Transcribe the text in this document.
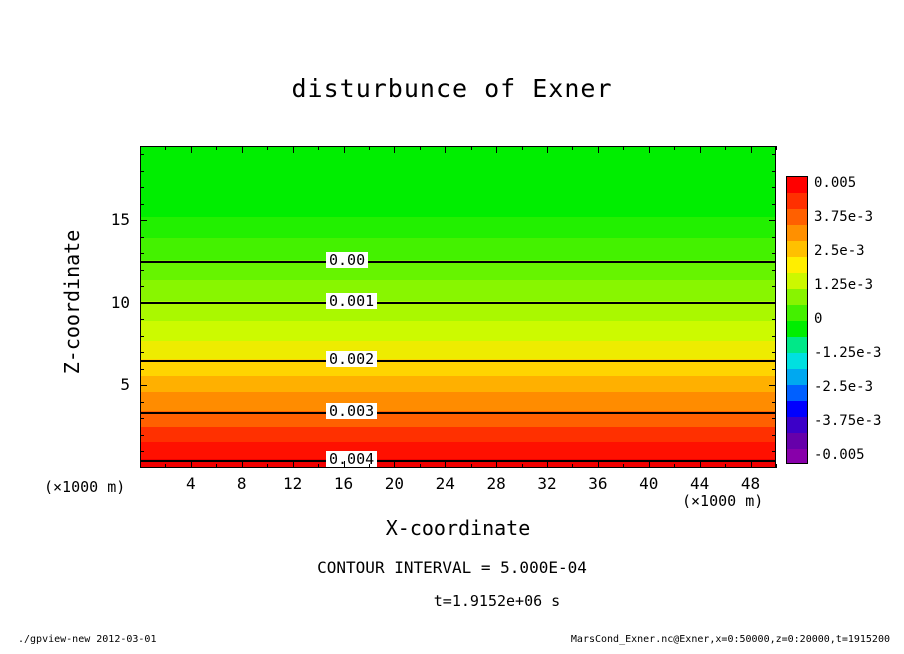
disturbunce of Exner
0.00
0.001
0.002
0.003
0.004
4	8	12	16	20	24	28	32	36	40	44	48
5
10
15
Z-coordinate
X-coordinate
(×1000 m)
(×1000 m)
CONTOUR INTERVAL = 5.000E-04
t=1.9152e+06 s
0.005
3.75e-3
2.5e-3
1.25e-3
0
-1.25e-3
-2.5e-3
-3.75e-3
-0.005
./gpview-new 2012-03-01	MarsCond_Exner.nc@Exner,x=0:50000,z=0:20000,t=1915200
